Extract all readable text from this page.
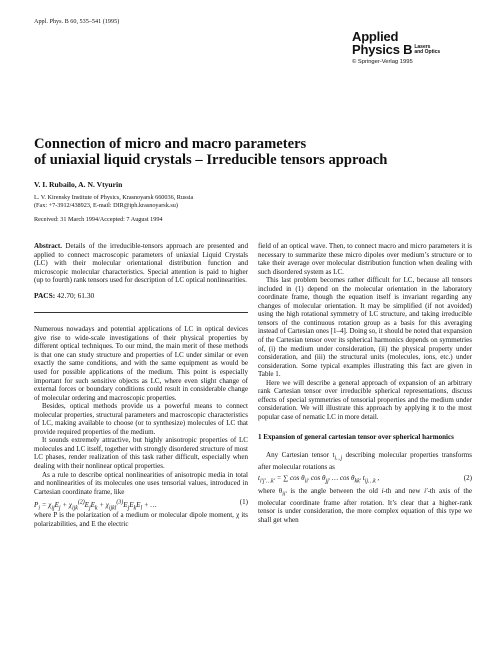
Appl. Phys. B 60, 535–541 (1995)
Applied
Physics B Lasers
and Optics
© Springer-Verlag 1995
Connection of micro and macro parameters
of uniaxial liquid crystals – Irreducible tensors approach
V. I. Rubailo, A. N. Vtyurin
L. V. Kirensky Institute of Physics, Krasnoyarsk 660036, Russia
(Fax: +7-3912/438923, E-mail: DIR@iph.krasnoyarsk.su)
Received: 31 March 1994/Accepted: 7 August 1994

Abstract. Details of the irreducible-tensors approach are presented and applied to connect macroscopic parameters of uniaxial Liquid Crystals (LC) with their molecular orientational distribution function and microscopic molecular characteristics. Special attention is paid to higher (up to fourth) rank tensors used for description of LC optical nonlinearities.

PACS: 42.70; 61.30

Numerous nowadays and potential applications of LC in optical devices give rise to wide-scale investigations of their physical properties by different optical techniques. To our mind, the main merit of these methods is that one can study structure and properties of LC under similar or even exactly the same conditions, and with the same equipment as would be used for possible applications of the medium. This point is especially important for such sensitive objects as LC, where even slight change of external forces or boundary conditions could result in considerable change of molecular ordering and macroscopic properties.

Besides, optical methods provide us a powerful means to connect molecular properties, structural parameters and macroscopic characteristics of LC, making available to choose (or to synthesize) molecules of LC that provide required properties of the medium.

It sounds extremely attractive, but highly anisotropic properties of LC molecules and LC itself, together with strongly disordered structure of most LC phases, render realization of this task rather difficult, especially when dealing with their nonlinear optical properties.

As a rule to describe optical nonlinearities of anisotropic media in total and nonlinearities of its molecules one uses tensorial values, introduced in Cartesian coordinate frame, like

$P_i = \chi_{ij}E_j + \chi_{ijk}^{(2)}E_jE_k + \chi_{ijkl}^{(3)}E_jE_kE_l$ + …	(1)

where P is the polarization of a medium or molecular dipole moment, χ its polarizabilities, and E the electric

field of an optical wave. Then, to connect macro and micro parameters it is necessary to summarize these micro dipoles over medium’s structure or to take their average over molecular distribution function when dealing with such disordered system as LC.

This last problem becomes rather difficult for LC, because all tensors included in (1) depend on the molecular orientation in the laboratory coordinate frame, though the equation itself is invariant regarding any changes of molecular orientation. It may be simplified (if not avoided) using the high rotational symmetry of LC structure, and taking irreducible tensors of the continuous rotation group as a basis for this averaging instead of Cartesian ones [1–4]. Doing so, it should be noted that expansion of the Cartesian tensor over its spherical harmonics depends on symmetries of, (i) the medium under consideration, (ii) the physical property under consideration, and (iii) the structural units (molecules, ions, etc.) under consideration. Some typical examples illustrating this fact are given in Table 1.

Here we will describe a general approach of expansion of an arbitrary rank Cartesian tensor over irreducible spherical representations, discuss effects of special symmetries of tensorial properties and the medium under consideration. We will illustrate this approach by applying it to the most popular case of nematic LC in more detail.

1 Expansion of general cartesian tensor over spherical harmonics

Any Cartesian tensor $t_{i...j}$ describing molecular properties transforms after molecular rotations as

$t_{i'j'\dots k'}$ = ∑ $\cos \theta_{ii'}$ $\cos \theta_{jj'}$ … $\cos \theta_{kk'}$ $t_{ij\dots k}$ ,	(2)

where $\theta_{ii'}$ is the angle between the old i-th and new i′-th axis of the molecular coordinate frame after rotation. It’s clear that a higher-rank tensor is under consideration, the more complex equation of this type we shall get when
